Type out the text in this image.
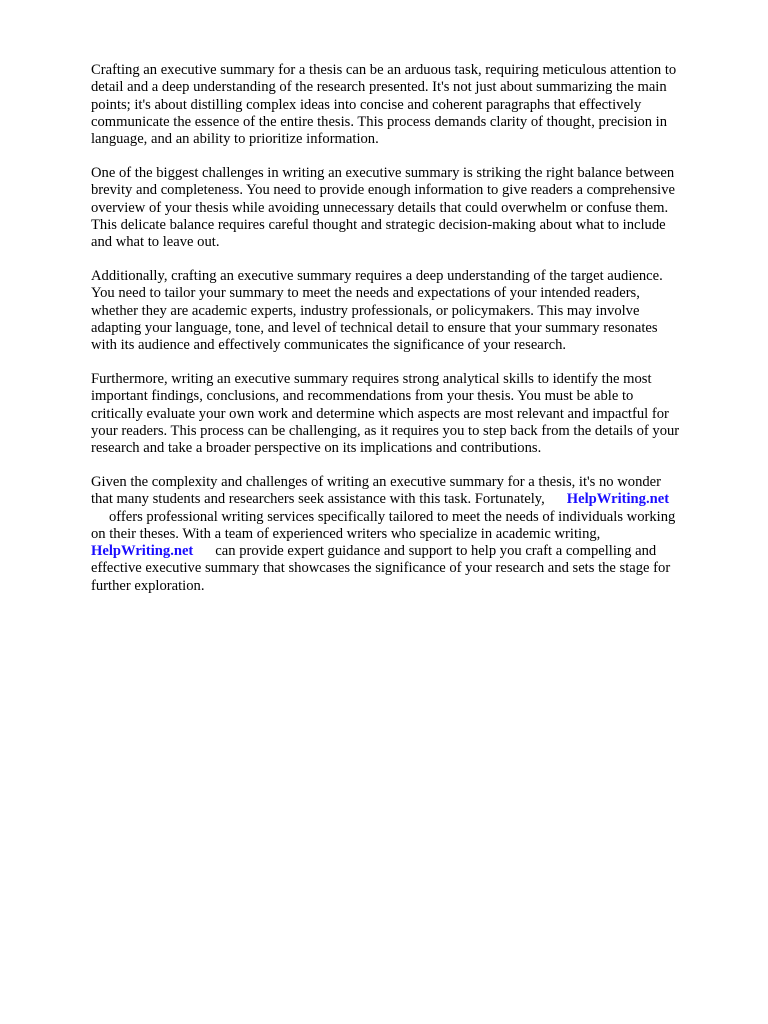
Crafting an executive summary for a thesis can be an arduous task, requiring meticulous attention to
detail and a deep understanding of the research presented. It's not just about summarizing the main
points; it's about distilling complex ideas into concise and coherent paragraphs that effectively
communicate the essence of the entire thesis. This process demands clarity of thought, precision in
language, and an ability to prioritize information.

One of the biggest challenges in writing an executive summary is striking the right balance between
brevity and completeness. You need to provide enough information to give readers a comprehensive
overview of your thesis while avoiding unnecessary details that could overwhelm or confuse them.
This delicate balance requires careful thought and strategic decision-making about what to include
and what to leave out.

Additionally, crafting an executive summary requires a deep understanding of the target audience.
You need to tailor your summary to meet the needs and expectations of your intended readers,
whether they are academic experts, industry professionals, or policymakers. This may involve
adapting your language, tone, and level of technical detail to ensure that your summary resonates
with its audience and effectively communicates the significance of your research.

Furthermore, writing an executive summary requires strong analytical skills to identify the most
important findings, conclusions, and recommendations from your thesis. You must be able to
critically evaluate your own work and determine which aspects are most relevant and impactful for
your readers. This process can be challenging, as it requires you to step back from the details of your
research and take a broader perspective on its implications and contributions.

Given the complexity and challenges of writing an executive summary for a thesis, it's no wonder
that many students and researchers seek assistance with this task. Fortunately, HelpWriting.net
offers professional writing services specifically tailored to meet the needs of individuals working
on their theses. With a team of experienced writers who specialize in academic writing,
HelpWriting.net can provide expert guidance and support to help you craft a compelling and
effective executive summary that showcases the significance of your research and sets the stage for
further exploration.
